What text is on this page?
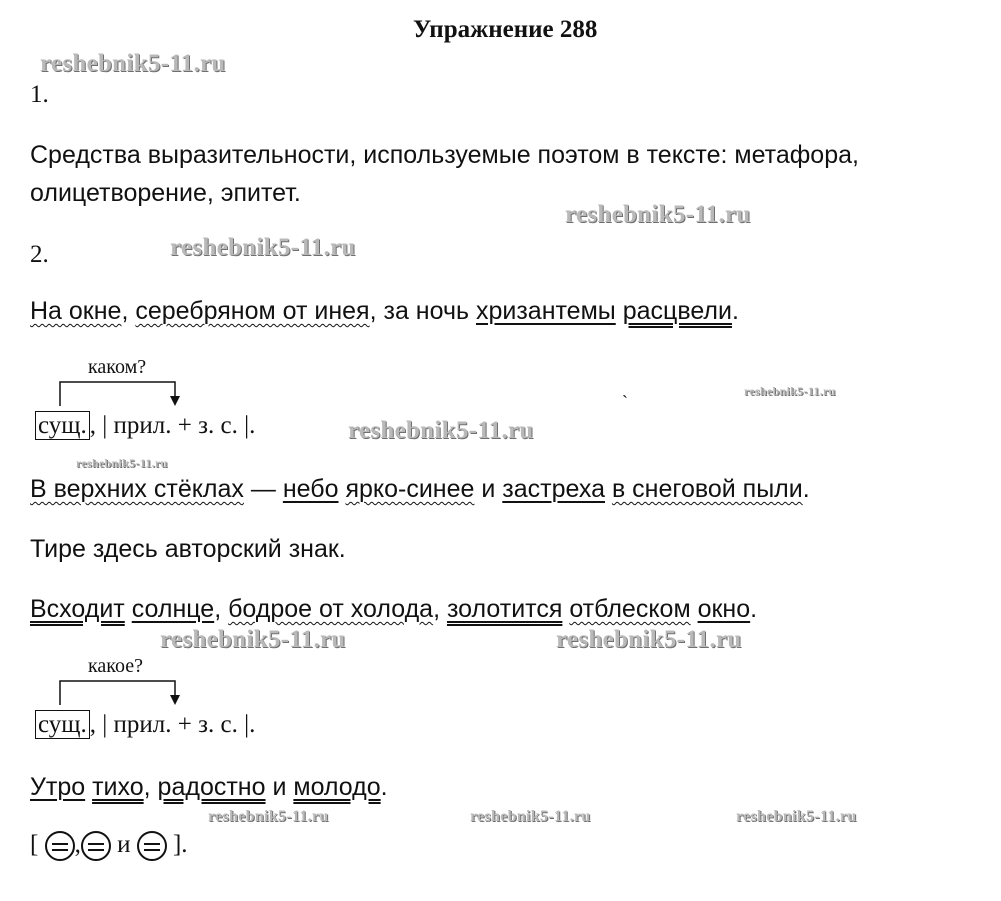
Упражнение 288
reshebnik5-11.ru
1.
Средства выразительности, используемые поэтом в тексте: метафора,
олицетворение, эпитет.
reshebnik5-11.ru
2.	reshebnik5-11.ru
На окне, серебряном от инея, за ночь хризантемы расцвели.
каком?
сущ. , | прил. + з. с. |.
`
reshebnik5-11.ru
reshebnik5-11.ru
reshebnik5-11.ru
В верхних стёклах — небо ярко-синее и застреха в снеговой пыли.
Тире здесь авторский знак.
Всходит солнце, бодрое от холода, золотится отблеском окно.
reshebnik5-11.ru	reshebnik5-11.ru
какое?
сущ. , | прил. + з. с. |.
Утро тихо, радостно и молодо.
reshebnik5-11.ru	reshebnik5-11.ru	reshebnik5-11.ru
[ , и  ].
